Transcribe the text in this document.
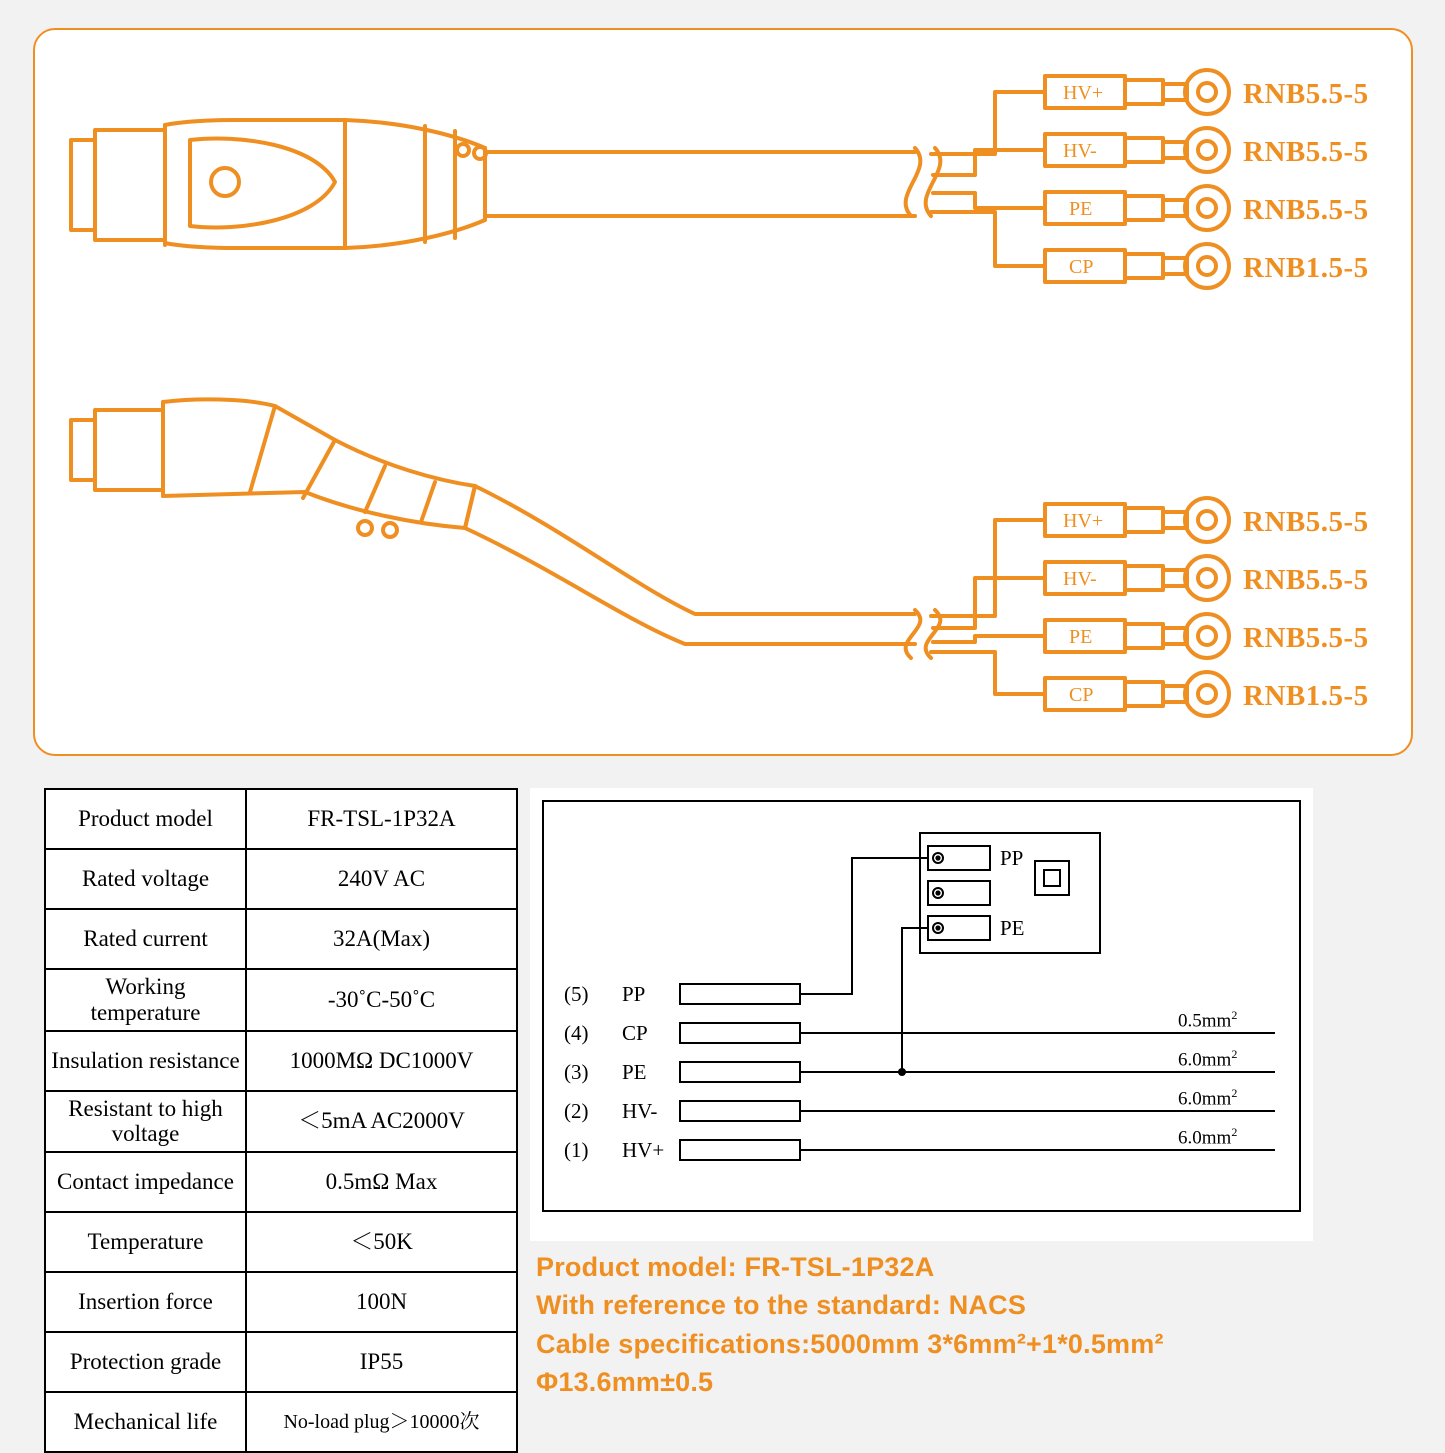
HV+
HV-
PE
CP
RNB5.5-5
RNB5.5-5
RNB5.5-5
RNB1.5-5
HV+
HV-
PE
CP
RNB5.5-5
RNB5.5-5
RNB5.5-5
RNB1.5-5
Product model	FR-TSL-1P32A
Rated voltage	240V AC
Rated current	32A(Max)
Working temperature	-30˚C-50˚C
Insulation resistance	1000MΩ DC1000V
Resistant to high voltage	＜5mA AC2000V
Contact impedance	0.5mΩ Max
Temperature	＜50K
Insertion force	100N
Protection grade	IP55
Mechanical life	No-load plug＞10000次
PP
PE
(5) PP
(4) CP
(3) PE
(2) HV-
(1) HV+
$0.5mm^2$
$6.0mm^2$
$6.0mm^2$
$6.0mm^2$
Product model: FR-TSL-1P32A
With reference to the standard: NACS
Cable specifications:5000mm 3*6mm²+1*0.5mm²
Φ13.6mm±0.5
